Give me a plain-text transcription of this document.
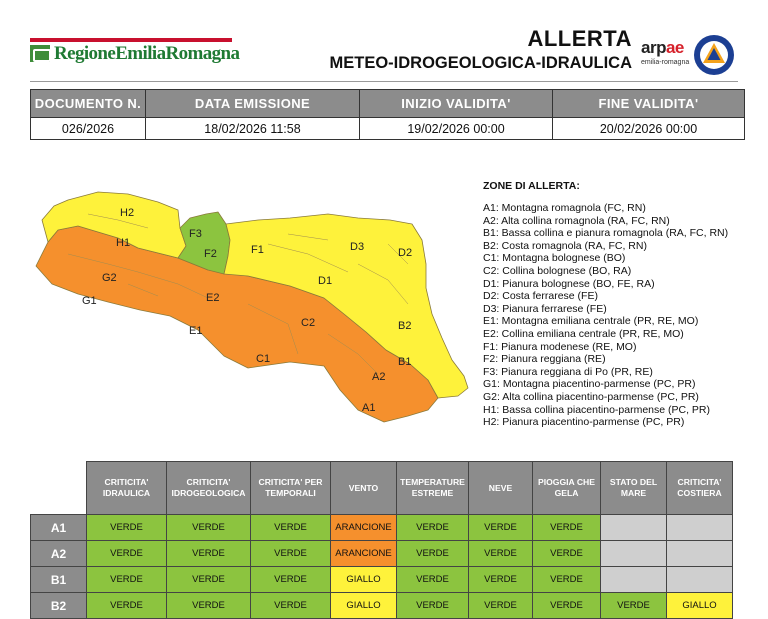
RegioneEmiliaRomagna
ALLERTA
METEO-IDROGEOLOGICA-IDRAULICA
arpae
emilia-romagna
DOCUMENTO N.	DATA EMISSIONE	INIZIO VALIDITA'	FINE VALIDITA'
026/2026	18/02/2026 11:58	19/02/2026 00:00	20/02/2026 00:00
H2
H1
G2
G1
F3
F2
E2
E1
F1
C2
C1
D1
D3	D2
B2
B1
A2
A1
ZONE DI ALLERTA:
A1: Montagna romagnola (FC, RN)
A2: Alta collina romagnola (RA, FC, RN)
B1: Bassa collina e pianura romagnola (RA, FC, RN)
B2: Costa romagnola (RA, FC, RN)
C1: Montagna bolognese (BO)
C2: Collina bolognese (BO, RA)
D1: Pianura bolognese (BO, FE, RA)
D2: Costa ferrarese (FE)
D3: Pianura ferrarese (FE)
E1: Montagna emiliana centrale (PR, RE, MO)
E2: Collina emiliana centrale (PR, RE, MO)
F1: Pianura modenese (RE, MO)
F2: Pianura reggiana (RE)
F3: Pianura reggiana di Po (PR, RE)
G1: Montagna piacentino-parmense (PC, PR)
G2: Alta collina piacentino-parmense (PC, PR)
H1: Bassa collina piacentino-parmense (PC, PR)
H2: Pianura piacentino-parmense (PC, PR)
	CRITICITA' IDRAULICA	CRITICITA' IDROGEOLOGICA	CRITICITA' PER TEMPORALI	VENTO	TEMPERATURE ESTREME	NEVE	PIOGGIA CHE GELA	STATO DEL MARE	CRITICITA' COSTIERA
A1	VERDE	VERDE	VERDE	ARANCIONE	VERDE	VERDE	VERDE		
A2	VERDE	VERDE	VERDE	ARANCIONE	VERDE	VERDE	VERDE		
B1	VERDE	VERDE	VERDE	GIALLO	VERDE	VERDE	VERDE		
B2	VERDE	VERDE	VERDE	GIALLO	VERDE	VERDE	VERDE	VERDE	GIALLO
